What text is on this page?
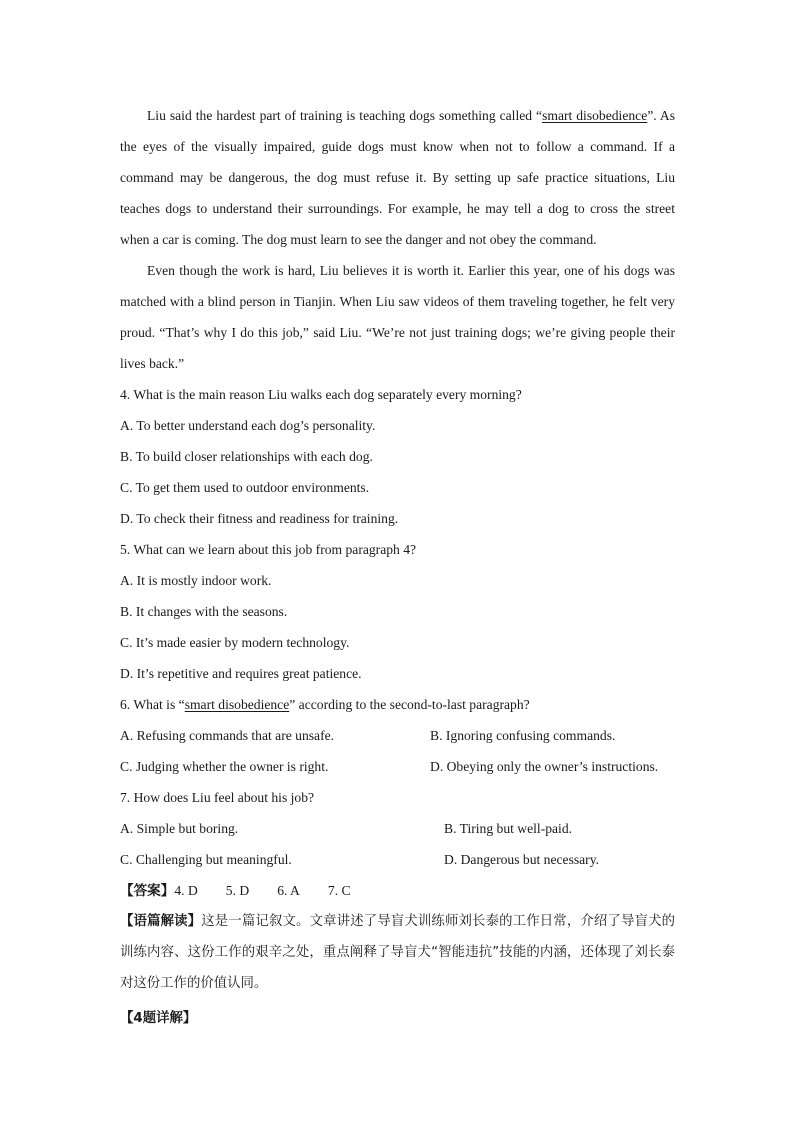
Liu said the hardest part of training is teaching dogs something called “smart disobedience”. As the eyes of the visually impaired, guide dogs must know when not to follow a command. If a command may be dangerous, the dog must refuse it. By setting up safe practice situations, Liu teaches dogs to understand their surroundings. For example, he may tell a dog to cross the street when a car is coming. The dog must learn to see the danger and not obey the command.

Even though the work is hard, Liu believes it is worth it. Earlier this year, one of his dogs was matched with a blind person in Tianjin. When Liu saw videos of them traveling together, he felt very proud. “That’s why I do this job,” said Liu. “We’re not just training dogs; we’re giving people their lives back.”

4. What is the main reason Liu walks each dog separately every morning?

A. To better understand each dog’s personality.

B. To build closer relationships with each dog.

C. To get them used to outdoor environments.

D. To check their fitness and readiness for training.

5. What can we learn about this job from paragraph 4?

A. It is mostly indoor work.

B. It changes with the seasons.

C. It’s made easier by modern technology.

D. It’s repetitive and requires great patience.

6. What is “smart disobedience” according to the second-to-last paragraph?

A. Refusing commands that are unsafe.	B. Ignoring confusing commands.
C. Judging whether the owner is right.	D. Obeying only the owner’s instructions.

7. How does Liu feel about his job?

A. Simple but boring.	B. Tiring but well-paid.
C. Challenging but meaningful.	D. Dangerous but necessary.

【答案】4. D 5. D 6. A 7. C

【语篇解读】这是一篇记叙文。文章讲述了导盲犬训练师刘长泰的工作日常，介绍了导盲犬的训练内容、这份工作的艰辛之处，重点阐释了导盲犬“智能违抗”技能的内涵，还体现了刘长泰对这份工作的价值认同。

【4题详解】
